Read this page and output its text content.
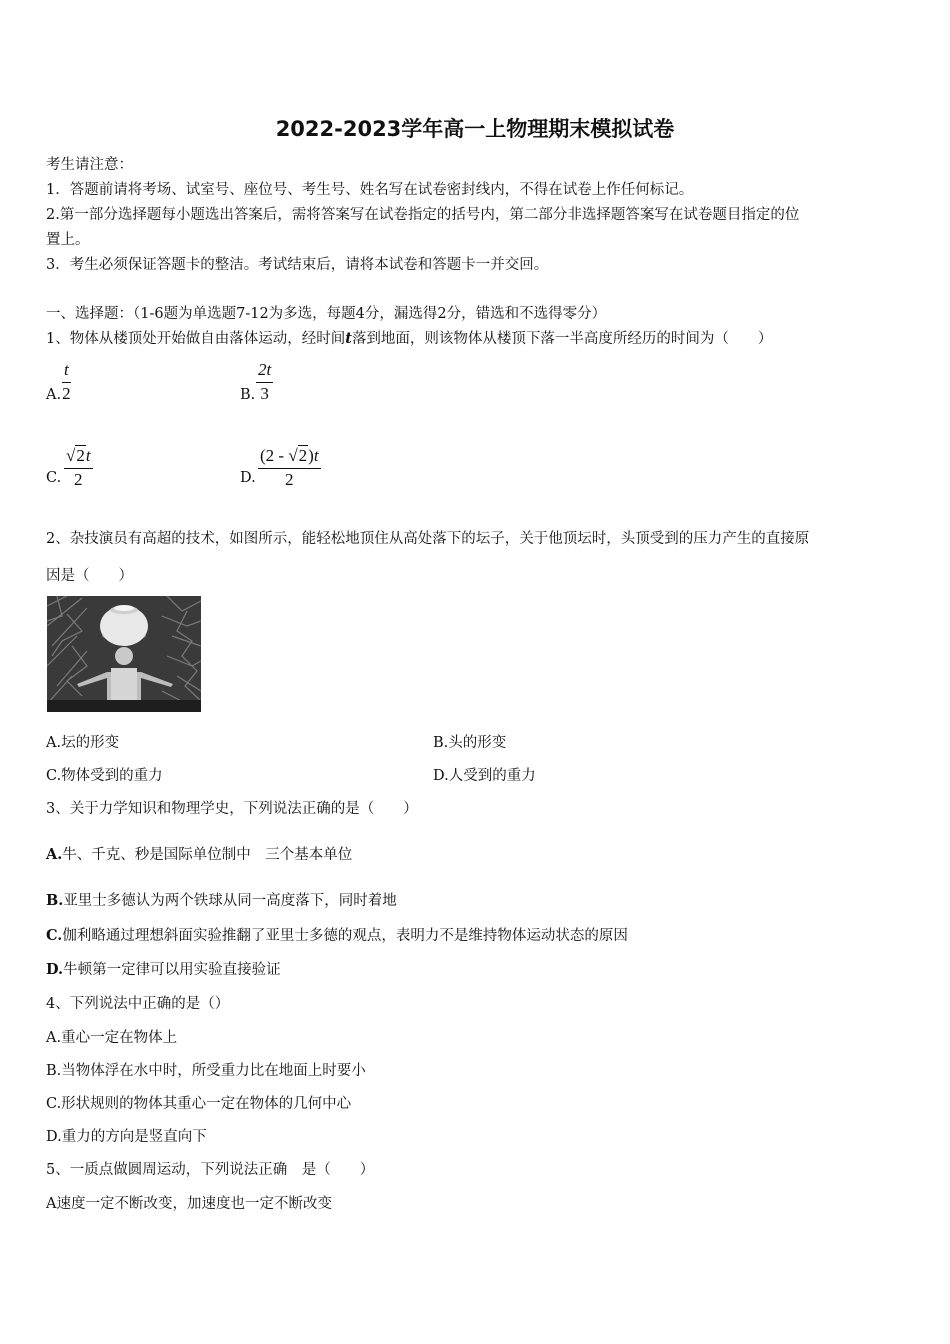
2022-2023学年高一上物理期末模拟试卷
考生请注意：
1．答题前请将考场、试室号、座位号、考生号、姓名写在试卷密封线内，不得在试卷上作任何标记。
2.第一部分选择题每小题选出答案后，需将答案写在试卷指定的括号内，第二部分非选择题答案写在试卷题目指定的位
置上。
3．考生必须保证答题卡的整洁。考试结束后，请将本试卷和答题卡一并交回。
一、选择题：（1-6题为单选题7-12为多选，每题4分，漏选得2分，错选和不选得零分）
1、物体从楼顶处开始做自由落体运动，经时间t落到地面，则该物体从楼顶下落一半高度所经历的时间为（　　）
A.
t
2	B.
2t
3
C.
√2t
2	D.
(2 - √2)t
2
2、杂技演员有高超的技术，如图所示，能轻松地顶住从高处落下的坛子，关于他顶坛时，头顶受到的压力产生的直接原
因是（　　）
A.坛的形变	B.头的形变
C.物体受到的重力	D.人受到的重力
3、关于力学知识和物理学史，下列说法正确的是（　　）
A.牛、千克、秒是国际单位制中　三个基本单位
B.亚里士多德认为两个铁球从同一高度落下，同时着地
C.伽利略通过理想斜面实验推翻了亚里士多德的观点，表明力不是维持物体运动状态的原因
D.牛顿第一定律可以用实验直接验证
4、下列说法中正确的是（）
A.重心一定在物体上
B.当物体浮在水中时，所受重力比在地面上时要小
C.形状规则的物体其重心一定在物体的几何中心
D.重力的方向是竖直向下
5、一质点做圆周运动，下列说法正确　是（　　）
A速度一定不断改变，加速度也一定不断改变
